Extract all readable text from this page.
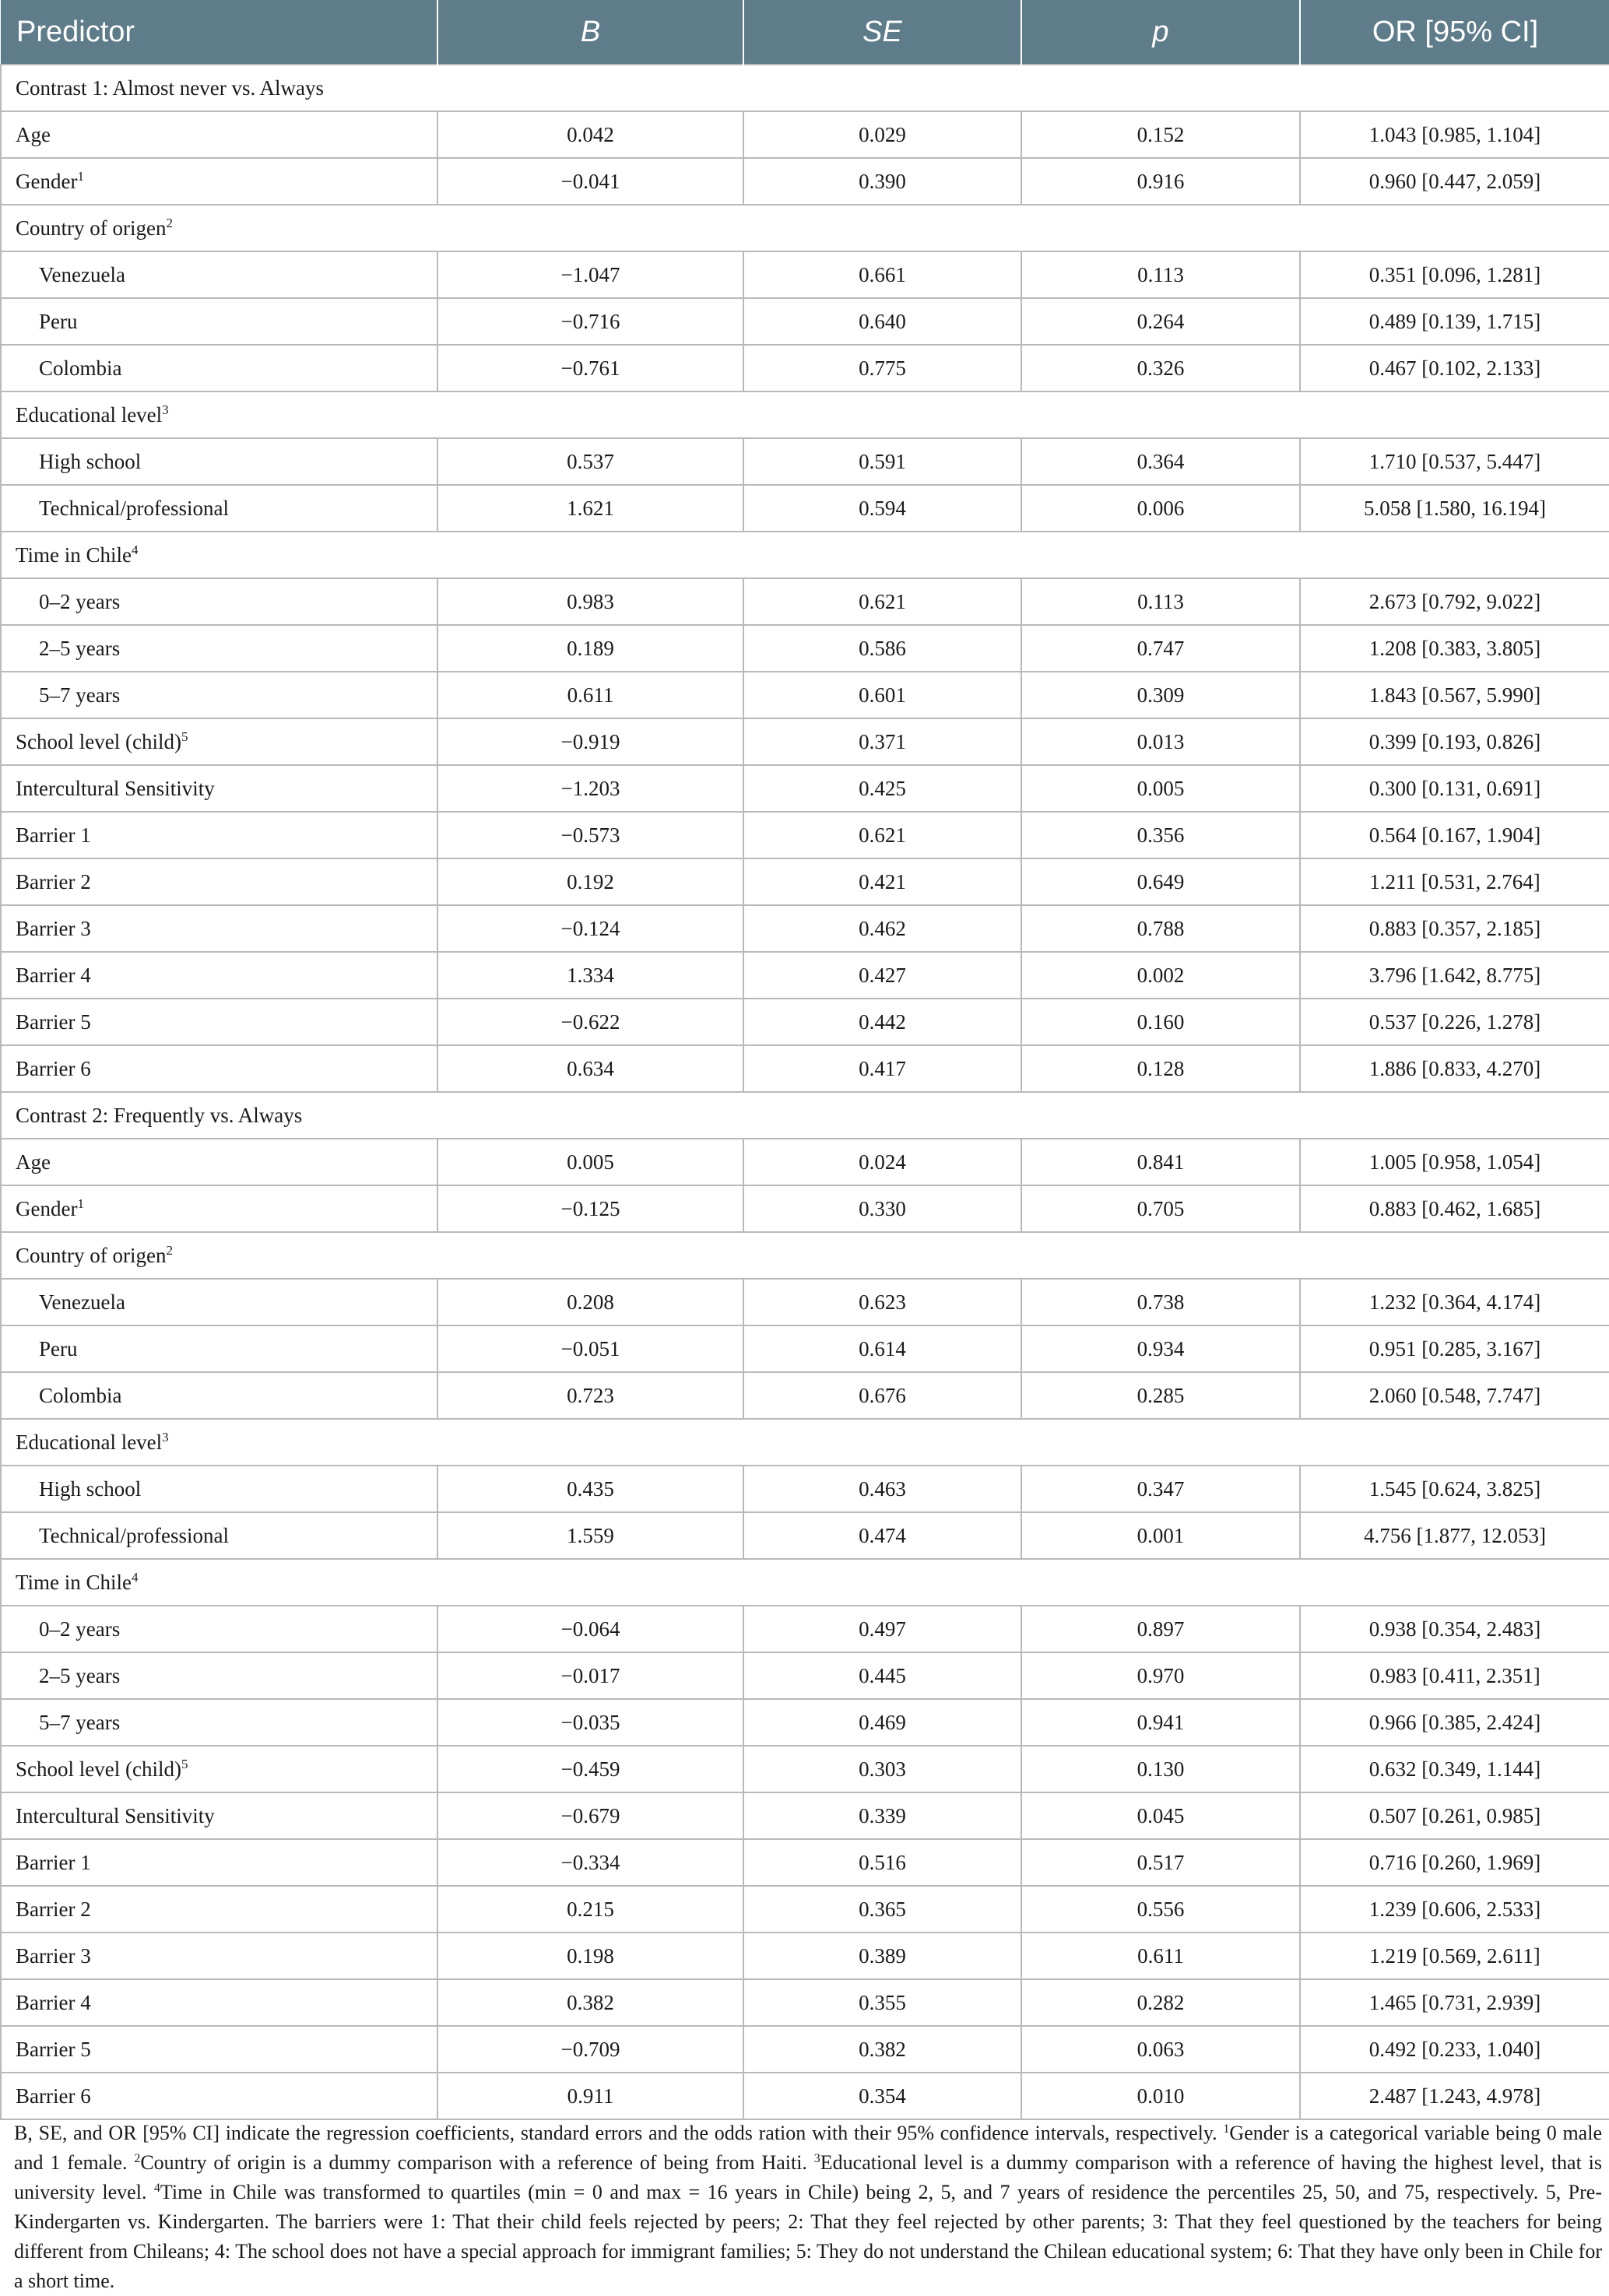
Predictor	B	SE	p	OR [95% CI]
Contrast 1: Almost never vs. Always				
Age	0.042	0.029	0.152	1.043 [0.985, 1.104]
Gender$^1$	−0.041	0.390	0.916	0.960 [0.447, 2.059]
Country of origen$^2$
Venezuela	−1.047	0.661	0.113	0.351 [0.096, 1.281]
Peru	−0.716	0.640	0.264	0.489 [0.139, 1.715]
Colombia	−0.761	0.775	0.326	0.467 [0.102, 2.133]
Educational level$^3$
High school	0.537	0.591	0.364	1.710 [0.537, 5.447]
Technical/professional	1.621	0.594	0.006	5.058 [1.580, 16.194]
Time in Chile$^4$
0–2 years	0.983	0.621	0.113	2.673 [0.792, 9.022]
2–5 years	0.189	0.586	0.747	1.208 [0.383, 3.805]
5–7 years	0.611	0.601	0.309	1.843 [0.567, 5.990]
School level (child)$^5$	−0.919	0.371	0.013	0.399 [0.193, 0.826]
Intercultural Sensitivity	−1.203	0.425	0.005	0.300 [0.131, 0.691]
Barrier 1	−0.573	0.621	0.356	0.564 [0.167, 1.904]
Barrier 2	0.192	0.421	0.649	1.211 [0.531, 2.764]
Barrier 3	−0.124	0.462	0.788	0.883 [0.357, 2.185]
Barrier 4	1.334	0.427	0.002	3.796 [1.642, 8.775]
Barrier 5	−0.622	0.442	0.160	0.537 [0.226, 1.278]
Barrier 6	0.634	0.417	0.128	1.886 [0.833, 4.270]
Contrast 2: Frequently vs. Always				
Age	0.005	0.024	0.841	1.005 [0.958, 1.054]
Gender$^1$	−0.125	0.330	0.705	0.883 [0.462, 1.685]
Country of origen$^2$
Venezuela	0.208	0.623	0.738	1.232 [0.364, 4.174]
Peru	−0.051	0.614	0.934	0.951 [0.285, 3.167]
Colombia	0.723	0.676	0.285	2.060 [0.548, 7.747]
Educational level$^3$
High school	0.435	0.463	0.347	1.545 [0.624, 3.825]
Technical/professional	1.559	0.474	0.001	4.756 [1.877, 12.053]
Time in Chile$^4$
0–2 years	−0.064	0.497	0.897	0.938 [0.354, 2.483]
2–5 years	−0.017	0.445	0.970	0.983 [0.411, 2.351]
5–7 years	−0.035	0.469	0.941	0.966 [0.385, 2.424]
School level (child)$^5$	−0.459	0.303	0.130	0.632 [0.349, 1.144]
Intercultural Sensitivity	−0.679	0.339	0.045	0.507 [0.261, 0.985]
Barrier 1	−0.334	0.516	0.517	0.716 [0.260, 1.969]
Barrier 2	0.215	0.365	0.556	1.239 [0.606, 2.533]
Barrier 3	0.198	0.389	0.611	1.219 [0.569, 2.611]
Barrier 4	0.382	0.355	0.282	1.465 [0.731, 2.939]
Barrier 5	−0.709	0.382	0.063	0.492 [0.233, 1.040]
Barrier 6	0.911	0.354	0.010	2.487 [1.243, 4.978]
B, SE, and OR [95% CI] indicate the regression coefficients, standard errors and the odds ration with their 95% confidence intervals, respectively. $^1$Gender is a categorical variable being 0 male and 1 female. $^2$Country of origin is a dummy comparison with a reference of being from Haiti. $^3$Educational level is a dummy comparison with a reference of having the highest level, that is university level. $^4$Time in Chile was transformed to quartiles (min = 0 and max = 16 years in Chile) being 2, 5, and 7 years of residence the percentiles 25, 50, and 75, respectively. 5, Pre-Kindergarten vs. Kindergarten. The barriers were 1: That their child feels rejected by peers; 2: That they feel rejected by other parents; 3: That they feel questioned by the teachers for being different from Chileans; 4: The school does not have a special approach for immigrant families; 5: They do not understand the Chilean educational system; 6: That they have only been in Chile for a short time.
